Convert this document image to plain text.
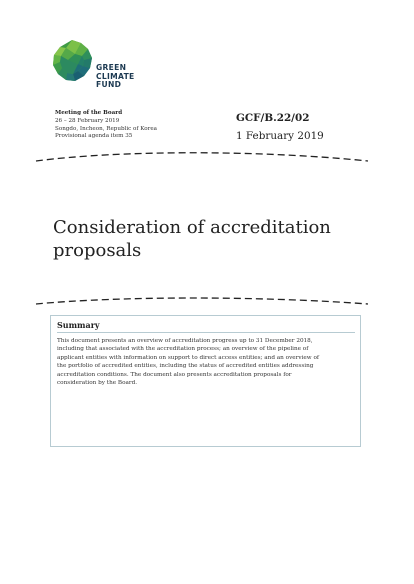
GREEN
CLIMATE
FUND
Meeting of the Board
26 – 28 February 2019
Songdo, Incheon, Republic of Korea
Provisional agenda item 35
GCF/B.22/02
1 February 2019
Consideration of accreditation
proposals
Summary
This document presents an overview of accreditation progress up to 31 December 2018,
including that associated with the accreditation process; an overview of the pipeline of
applicant entities with information on support to direct access entities; and an overview of
the portfolio of accredited entities, including the status of accredited entities addressing
accreditation conditions. The document also presents accreditation proposals for
consideration by the Board.
